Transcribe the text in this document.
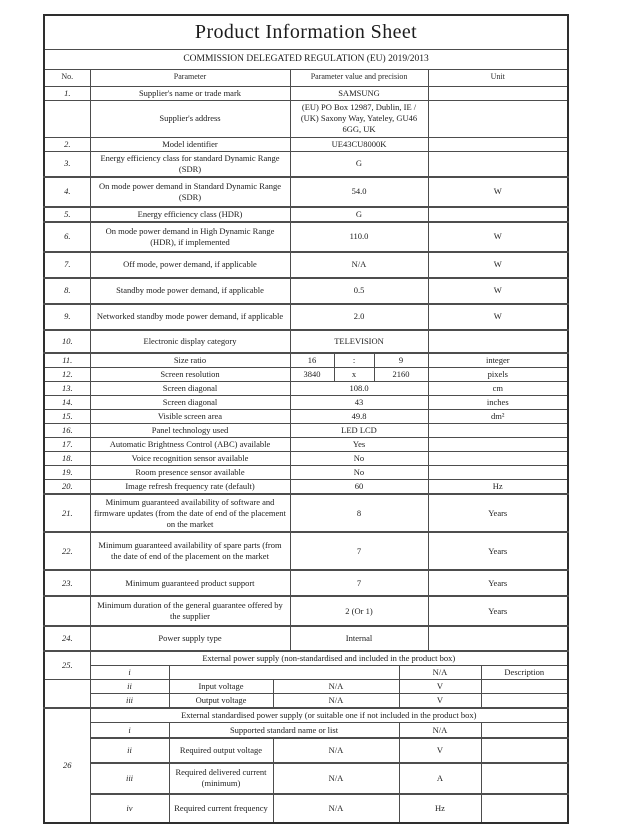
Product Information Sheet									
COMMISSION DELEGATED REGULATION (EU) 2019/2013									
No.	Parameter			Parameter value and precision				Unit	
1.	Supplier's name or trade mark			SAMSUNG					
	Supplier's address			(EU) PO Box 12987, Dublin, IE / (UK) Saxony Way, Yateley, GU46 6GG, UK					
2.	Model identifier			UE43CU8000K					
3.	Energy efficiency class for standard Dynamic Range (SDR)			G					
4.	On mode power demand in Standard Dynamic Range (SDR)			54.0				W	
5.	Energy efficiency class (HDR)			G					
6.	On mode power demand in High Dynamic Range (HDR), if implemented			110.0				W	
7.	Off mode, power demand, if applicable			N/A				W	
8.	Standby mode power demand, if applicable			0.5				W	
9.	Networked standby mode power demand, if applicable			2.0				W	
10.	Electronic display category			TELEVISION					
11.	Size ratio			16	:	9		integer	
12.	Screen resolution			3840	x	2160		pixels	
13.	Screen diagonal			108.0				cm	
14.	Screen diagonal			43				inches	
15.	Visible screen area			49.8				dm²	
16.	Panel technology used			LED LCD					
17.	Automatic Brightness Control (ABC) available			Yes					
18.	Voice recognition sensor available			No					
19.	Room presence sensor available			No					
20.	Image refresh frequency rate (default)			60				Hz	
21.	Minimum guaranteed availability of software and firmware updates (from the date of end of the placement on the market			8				Years	
22.	Minimum guaranteed availability of spare parts (from the date of end of the placement on the market			7				Years	
23.	Minimum guaranteed product support			7				Years	
	Minimum duration of the general guarantee offered by the supplier			2 (Or 1)				Years	
24.	Power supply type			Internal					
25.	External power supply (non-standardised and included in the product box)								
	i						N/A		Description
	ii	Input voltage	N/A				V		
	iii	Output voltage	N/A				V		
26	External standardised power supply (or suitable one if not included in the product box)								
	i	Supported standard name or list					N/A		
	ii	Required output voltage	N/A				V		
	iii	Required delivered current (minimum)	N/A				A		
	iv	Required current frequency	N/A				Hz		
